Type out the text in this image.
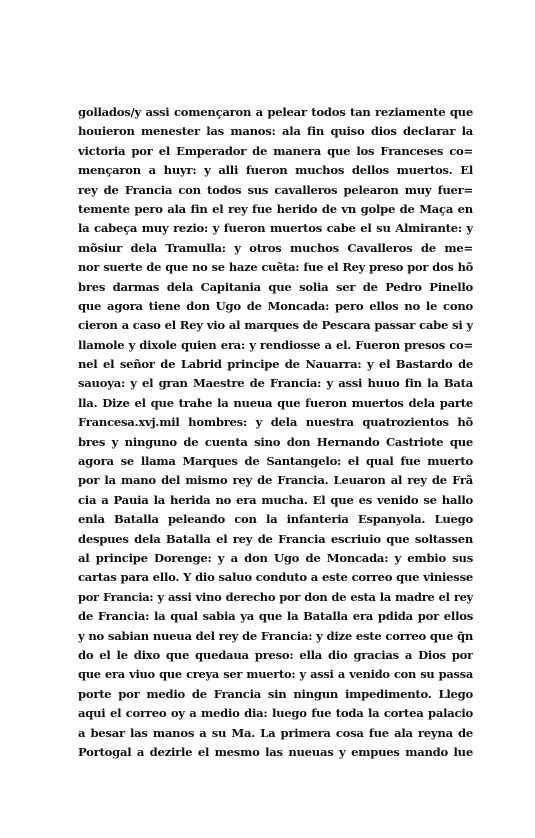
gollados/y assi començaron a pelear todos tan reziamente que
houieron menester las manos: ala fin quiso dios declarar la
victoria por el Emperador de manera que los Franceses co=
mençaron a huyr: y alli fueron muchos dellos muertos. El
rey de Francia con todos sus cavalleros pelearon muy fuer=
temente pero ala fin el rey fue herido de vn golpe de Maça en
la cabeça muy rezio: y fueron muertos cabe el su Almirante: y
mõsiur dela Tramulla: y otros muchos Cavalleros de me=
nor suerte de que no se haze cuẽta: fue el Rey preso por dos hõ
bres darmas dela Capitania que solia ser de Pedro Pinello
que agora tiene don Ugo de Moncada: pero ellos no le cono
cieron a caso el Rey vio al marques de Pescara passar cabe si y
llamole y dixole quien era: y rendiosse a el. Fueron presos co=
nel el señor de Labrid principe de Nauarra: y el Bastardo de
sauoya: y el gran Maestre de Francia: y assi huuo fin la Bata
lla. Dize el que trahe la nueua que fueron muertos dela parte
Francesa.xvj.mil hombres: y dela nuestra quatrozientos hõ
bres y ninguno de cuenta sino don Hernando Castriote que
agora se llama Marques de Santangelo: el qual fue muerto
por la mano del mismo rey de Francia. Leuaron al rey de Frã
cia a Pauia la herida no era mucha. El que es venido se hallo
enla Batalla peleando con la infanteria Espanyola. Luego
despues dela Batalla el rey de Francia escriuio que soltassen
al principe Dorenge: y a don Ugo de Moncada: y embio sus
cartas para ello. Y dio saluo conduto a este correo que viniesse
por Francia: y assi vino derecho por don de esta la madre el rey
de Francia: la qual sabia ya que la Batalla era pdida por ellos
y no sabian nueua del rey de Francia: y dize este correo que q̃n
do el le dixo que quedaua preso: ella dio gracias a Dios por
que era viuo que creya ser muerto: y assi a venido con su passa
porte por medio de Francia sin ningun impedimento. Llego
aqui el correo oy a medio dia: luego fue toda la cortea palacio
a besar las manos a su Ma. La primera cosa fue ala reyna de
Portogal a dezirle el mesmo las nueuas y empues mando lue
